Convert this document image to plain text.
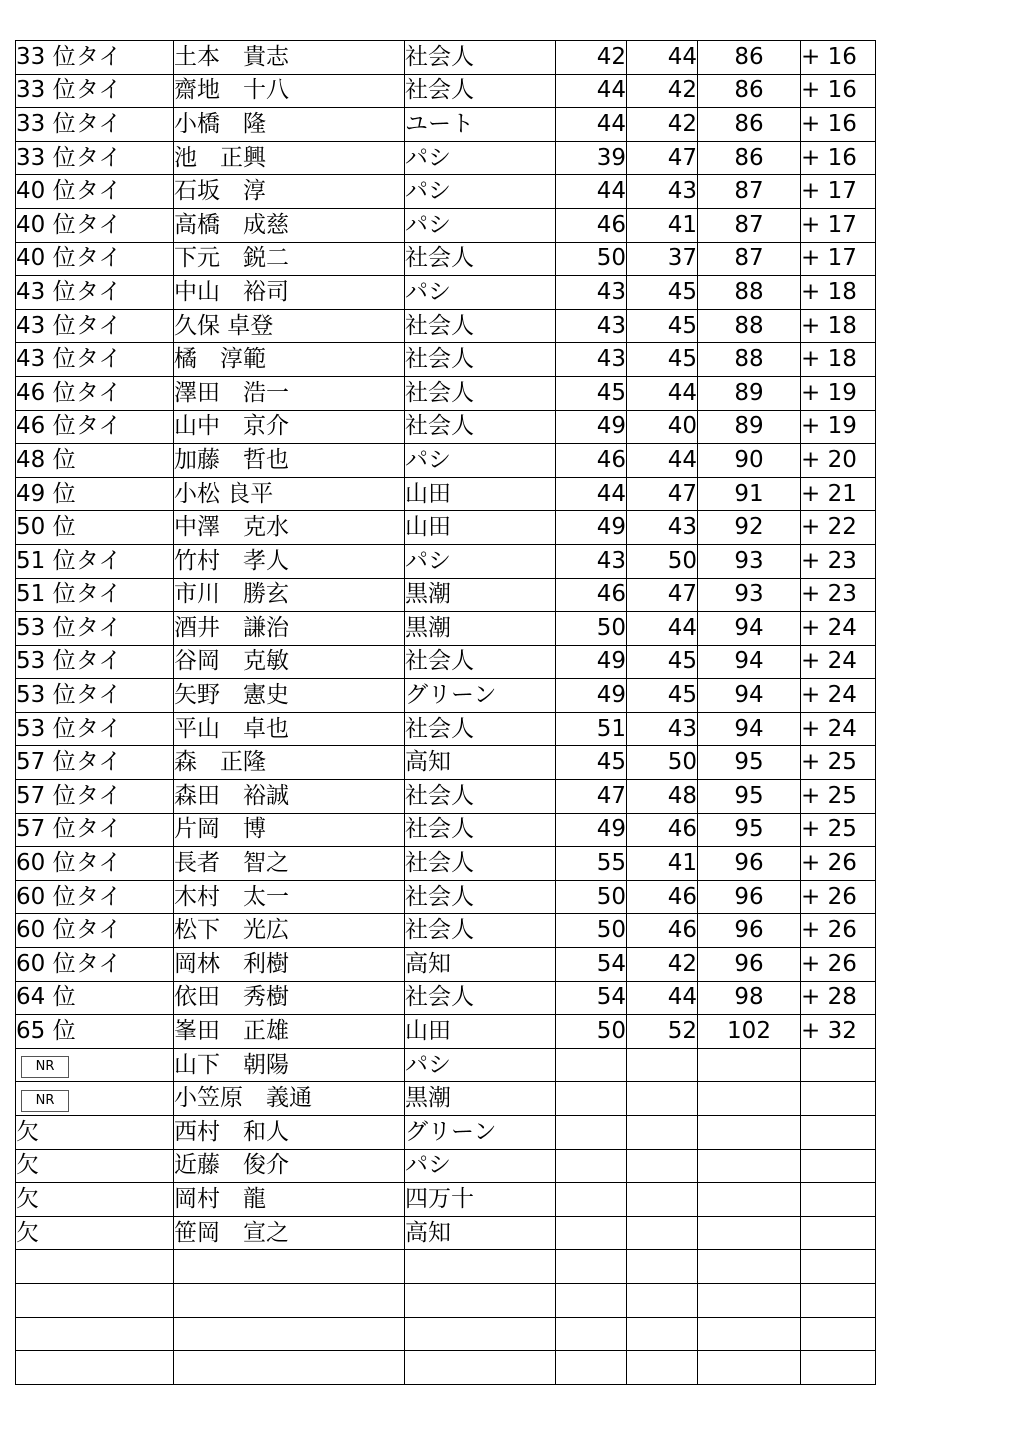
33 位タイ	土本　貴志	社会人	42	44	86	+ 16
33 位タイ	齋地　十八	社会人	44	42	86	+ 16
33 位タイ	小橋　隆	ユート	44	42	86	+ 16
33 位タイ	池　正興	パシ	39	47	86	+ 16
40 位タイ	石坂　淳	パシ	44	43	87	+ 17
40 位タイ	高橋　成慈	パシ	46	41	87	+ 17
40 位タイ	下元　鋭二	社会人	50	37	87	+ 17
43 位タイ	中山　裕司	パシ	43	45	88	+ 18
43 位タイ	久保 卓登	社会人	43	45	88	+ 18
43 位タイ	橘　淳範	社会人	43	45	88	+ 18
46 位タイ	澤田　浩一	社会人	45	44	89	+ 19
46 位タイ	山中　京介	社会人	49	40	89	+ 19
48 位	加藤　哲也	パシ	46	44	90	+ 20
49 位	小松 良平	山田	44	47	91	+ 21
50 位	中澤　克水	山田	49	43	92	+ 22
51 位タイ	竹村　孝人	パシ	43	50	93	+ 23
51 位タイ	市川　勝玄	黒潮	46	47	93	+ 23
53 位タイ	酒井　謙治	黒潮	50	44	94	+ 24
53 位タイ	谷岡　克敏	社会人	49	45	94	+ 24
53 位タイ	矢野　憲史	グリーン	49	45	94	+ 24
53 位タイ	平山　卓也	社会人	51	43	94	+ 24
57 位タイ	森　正隆	高知	45	50	95	+ 25
57 位タイ	森田　裕誠	社会人	47	48	95	+ 25
57 位タイ	片岡　博	社会人	49	46	95	+ 25
60 位タイ	長者　智之	社会人	55	41	96	+ 26
60 位タイ	木村　太一	社会人	50	46	96	+ 26
60 位タイ	松下　光広	社会人	50	46	96	+ 26
60 位タイ	岡林　利樹	高知	54	42	96	+ 26
64 位	依田　秀樹	社会人	54	44	98	+ 28
65 位	峯田　正雄	山田	50	52	102	+ 32
NR	山下　朝陽	パシ				
NR	小笠原　義通	黒潮				
欠	西村　和人	グリーン				
欠	近藤　俊介	パシ				
欠	岡村　龍	四万十				
欠	笹岡　宣之	高知				
